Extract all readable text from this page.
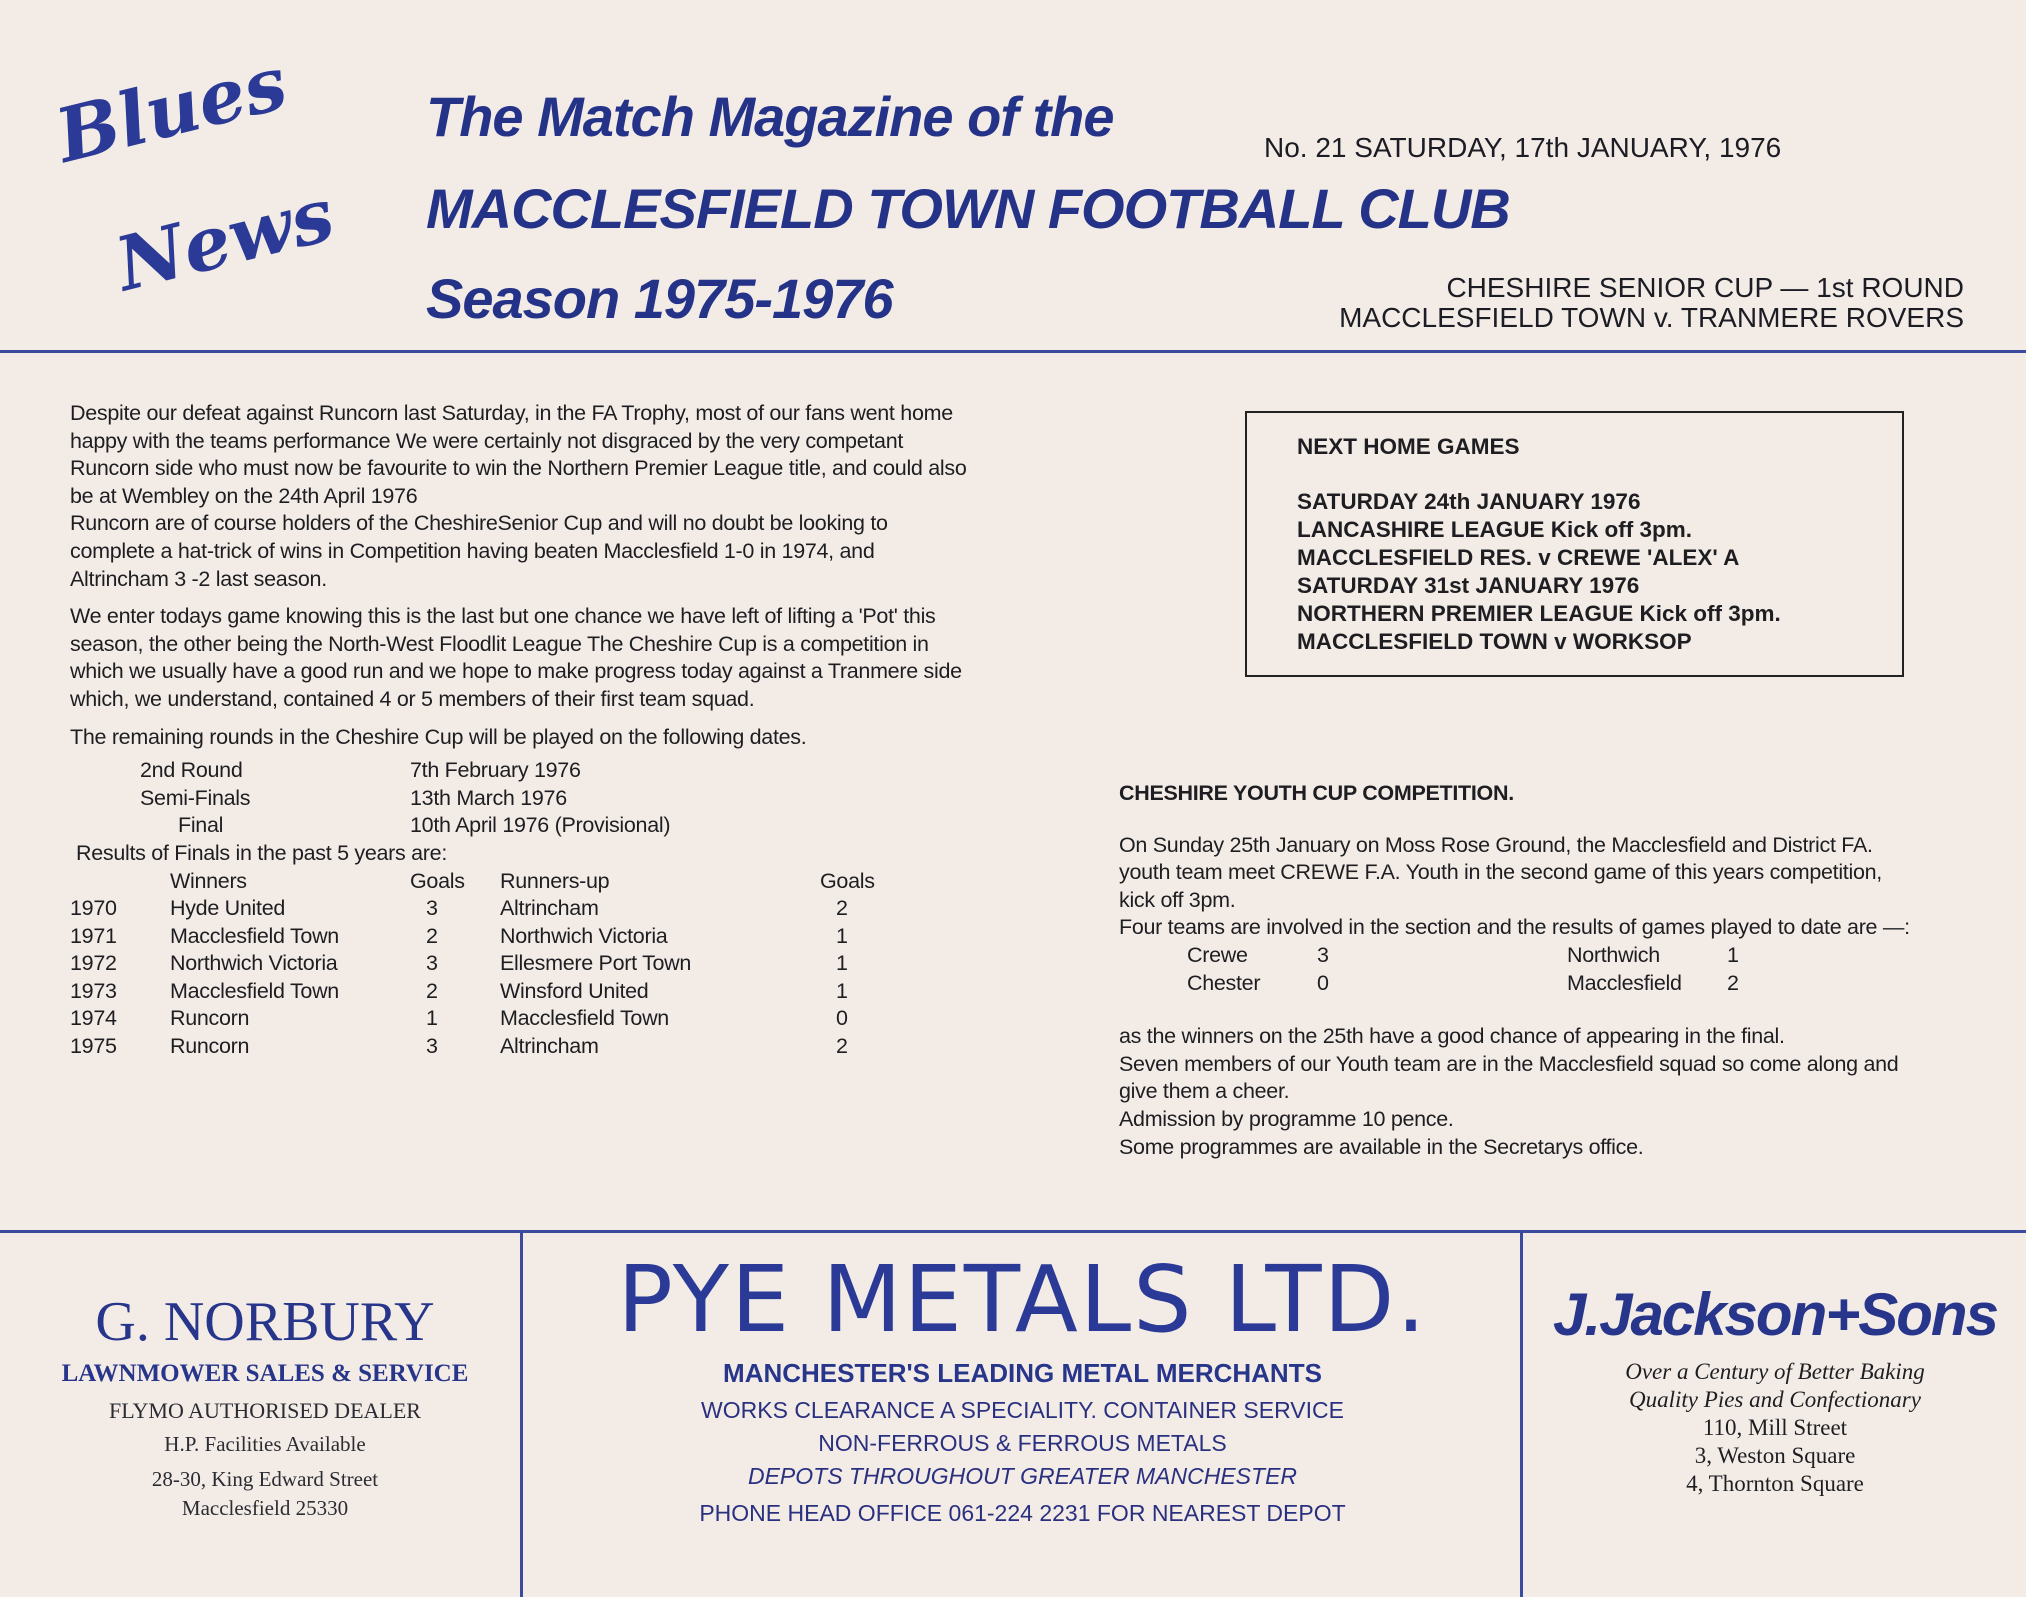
Blues
News
The Match Magazine of the
MACCLESFIELD TOWN FOOTBALL CLUB
Season 1975-1976
No. 21 SATURDAY, 17th JANUARY, 1976
CHESHIRE SENIOR CUP — 1st ROUND
MACCLESFIELD TOWN v. TRANMERE ROVERS

Despite our defeat against Runcorn last Saturday, in the FA Trophy, most of our fans went home happy with the teams performance We were certainly not disgraced by the very competant Runcorn side who must now be favourite to win the Northern Premier League title, and could also be at Wembley on the 24th April 1976

Runcorn are of course holders of the CheshireSenior Cup and will no doubt be looking to complete a hat-trick of wins in Competition having beaten Macclesfield 1-0 in 1974, and Altrincham 3 -2 last season.

We enter todays game knowing this is the last but one chance we have left of lifting a 'Pot' this season, the other being the North-West Floodlit League The Cheshire Cup is a competition in which we usually have a good run and we hope to make progress today against a Tranmere side which, we understand, contained 4 or 5 members of their first team squad.

The remaining rounds in the Cheshire Cup will be played on the following dates.

2nd Round	7th February 1976
Semi-Finals	13th March 1976
Final	10th April 1976 (Provisional)
Results of Finals in the past 5 years are:
Winners	Goals	Runners-up	Goals
1970	Hyde United	3	Altrincham	2
1971	Macclesfield Town	2	Northwich Victoria	1
1972	Northwich Victoria	3	Ellesmere Port Town	1
1973	Macclesfield Town	2	Winsford United	1
1974	Runcorn	1	Macclesfield Town	0
1975	Runcorn	3	Altrincham	2
NEXT HOME GAMES
SATURDAY 24th JANUARY 1976
LANCASHIRE LEAGUE Kick off 3pm.
MACCLESFIELD RES. v CREWE 'ALEX' A
SATURDAY 31st JANUARY 1976
NORTHERN PREMIER LEAGUE Kick off 3pm.
MACCLESFIELD TOWN v WORKSOP
CHESHIRE YOUTH CUP COMPETITION.
On Sunday 25th January on Moss Rose Ground, the Macclesfield and District FA. youth team meet CREWE F.A. Youth in the second game of this years competition, kick off 3pm.
Four teams are involved in the section and the results of games played to date are —:
Crewe	3	Northwich	1
Chester	0	Macclesfield	2
as the winners on the 25th have a good chance of appearing in the final.
Seven members of our Youth team are in the Macclesfield squad so come along and give them a cheer.
Admission by programme 10 pence.
Some programmes are available in the Secretarys office.
G. NORBURY
LAWNMOWER SALES & SERVICE
FLYMO AUTHORISED DEALER
H.P. Facilities Available
28-30, King Edward Street
Macclesfield 25330
PYE METALS LTD.
MANCHESTER'S LEADING METAL MERCHANTS
WORKS CLEARANCE A SPECIALITY. CONTAINER SERVICE
NON-FERROUS & FERROUS METALS
DEPOTS THROUGHOUT GREATER MANCHESTER
PHONE HEAD OFFICE 061-224 2231 FOR NEAREST DEPOT
J.Jackson+Sons
Over a Century of Better Baking
Quality Pies and Confectionary
110, Mill Street
3, Weston Square
4, Thornton Square
